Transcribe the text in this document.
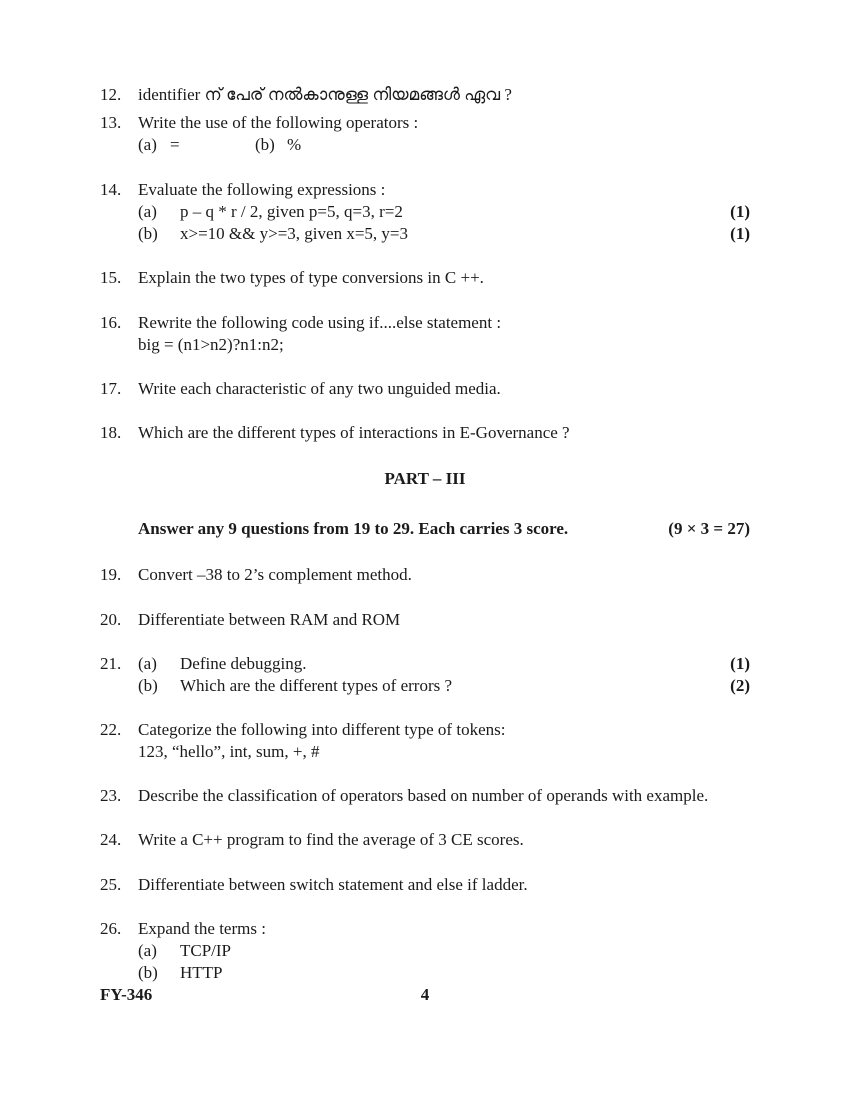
12. identifier ന് പേര് നൽകാനുള്ള നിയമങ്ങൾ ഏവ ?
13. Write the use of the following operators :
(a) =	(b) %
14. Evaluate the following expressions :
(a)	p – q * r / 2, given p=5, q=3, r=2	(1)
(b)	x>=10 && y>=3, given x=5, y=3	(1)
15. Explain the two types of type conversions in C ++.
16. Rewrite the following code using if....else statement :
big = (n1>n2)?n1:n2;
17. Write each characteristic of any two unguided media.
18. Which are the different types of interactions in E-Governance ?
PART – III
Answer any 9 questions from 19 to 29. Each carries 3 score.	(9 × 3 = 27)
19. Convert –38 to 2’s complement method.
20. Differentiate between RAM and ROM
21. (a)	Define debugging.	(1)
(b)	Which are the different types of errors ?	(2)
22. Categorize the following into different type of tokens:
123, “hello”, int, sum, +, #
23. Describe the classification of operators based on number of operands with example.
24. Write a C++ program to find the average of 3 CE scores.
25. Differentiate between switch statement and else if ladder.
26. Expand the terms :
(a)	TCP/IP
(b)	HTTP
FY-346	4
